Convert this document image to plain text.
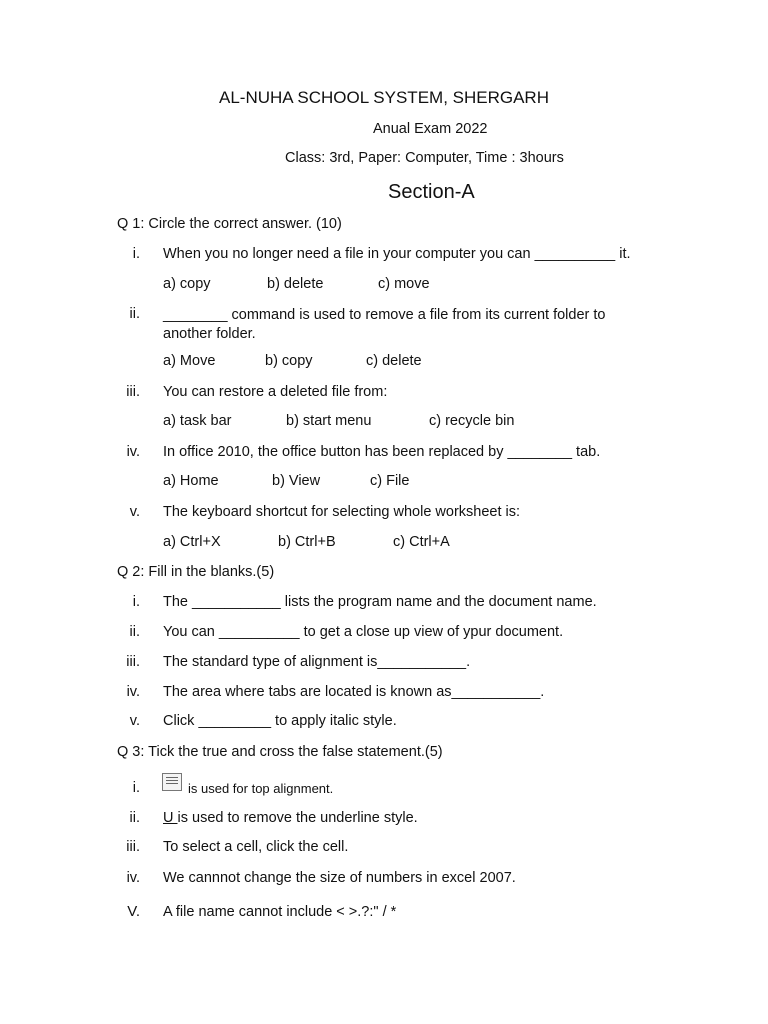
AL-NUHA SCHOOL SYSTEM, SHERGARH
Anual Exam 2022
Class: 3rd, Paper: Computer, Time : 3hours
Section-A
Q 1: Circle the correct answer. (10)
i. When you no longer need a file in your computer you can __________ it.
a) copy	b) delete	c) move
ii. ________ command is used to remove a file from its current folder to another folder.
a) Move	b) copy	c) delete
iii. You can restore a deleted file from:
a) task bar	b) start menu	c) recycle bin
iv. In office 2010, the office button has been replaced by ________ tab.
a) Home	b) View	c) File
v. The keyboard shortcut for selecting whole worksheet is:
a) Ctrl+X	b) Ctrl+B	c) Ctrl+A
Q 2: Fill in the blanks.(5)
i. The ___________ lists the program name and the document name.
ii. You can __________ to get a close up view of ypur document.
iii. The standard type of alignment is___________.
iv. The area where tabs are located is known as___________.
v. Click _________ to apply italic style.
Q 3: Tick the true and cross the false statement.(5)
i.	is used for top alignment.
ii. U is used to remove the underline style.
iii. To select a cell, click the cell.
iv. We cannnot change the size of numbers in excel 2007.
V. A file name cannot include < >.?:" / *
